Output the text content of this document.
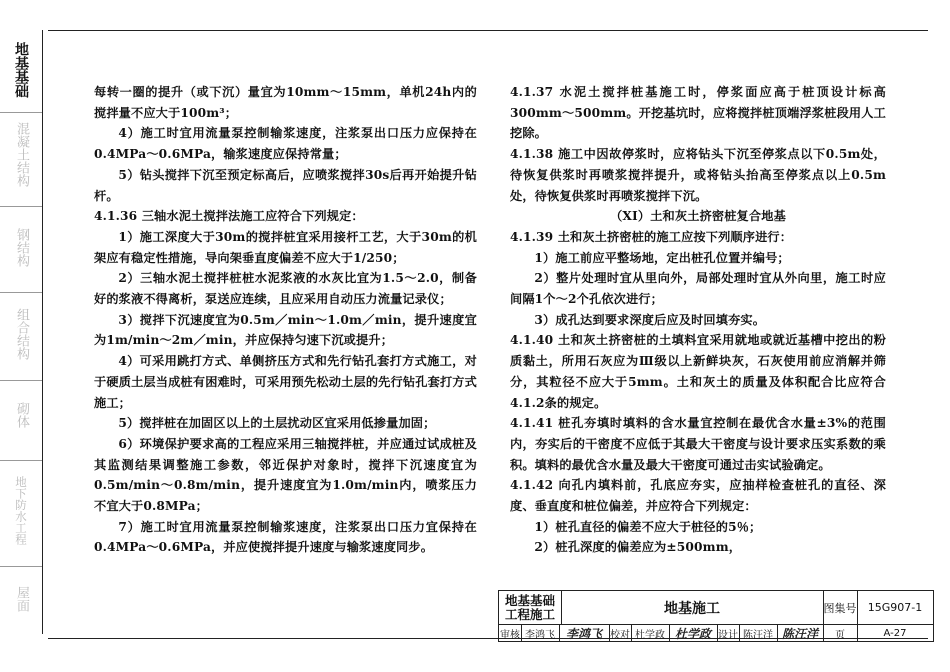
地基基础
混凝土结构
钢结构
组合结构
砌体
地下防水工程
屋面

每转一圈的提升（或下沉）量宜为10mm～15mm，单机24h内的搅拌量不应大于100m³；

4）施工时宜用流量泵控制输浆速度，注浆泵出口压力应保持在0.4MPa～0.6MPa，输浆速度应保持常量；

5）钻头搅拌下沉至预定标高后，应喷浆搅拌30s后再开始提升钻杆。

4.1.36 三轴水泥土搅拌法施工应符合下列规定：

1）施工深度大于30m的搅拌桩宜采用接杆工艺，大于30m的机架应有稳定性措施，导向架垂直度偏差不应大于1/250；

2）三轴水泥土搅拌桩桩水泥浆液的水灰比宜为1.5～2.0，制备好的浆液不得离析，泵送应连续，且应采用自动压力流量记录仪；

3）搅拌下沉速度宜为0.5m／min～1.0m／min，提升速度宜为1m/min～2m／min，并应保持匀速下沉或提升；

4）可采用跳打方式、单侧挤压方式和先行钻孔套打方式施工，对于硬质土层当成桩有困难时，可采用预先松动土层的先行钻孔套打方式施工；

5）搅拌桩在加固区以上的土层扰动区宜采用低掺量加固；

6）环境保护要求高的工程应采用三轴搅拌桩，并应通过试成桩及其监测结果调整施工参数，邻近保护对象时，搅拌下沉速度宜为0.5m/min～0.8m/min，提升速度宜为1.0m/min内，喷浆压力不宜大于0.8MPa；

7）施工时宜用流量泵控制输浆速度，注浆泵出口压力宜保持在0.4MPa～0.6MPa，并应使搅拌提升速度与输浆速度同步。

4.1.37 水泥土搅拌桩基施工时，停浆面应高于桩顶设计标高300mm～500mm。开挖基坑时，应将搅拌桩顶端浮浆桩段用人工挖除。

4.1.38 施工中因故停浆时，应将钻头下沉至停浆点以下0.5m处，待恢复供浆时再喷浆搅拌提升，或将钻头抬高至停浆点以上0.5m处，待恢复供浆时再喷浆搅拌下沉。

（XI）土和灰土挤密桩复合地基

4.1.39 土和灰土挤密桩的施工应按下列顺序进行：

1）施工前应平整场地，定出桩孔位置并编号；

2）整片处理时宜从里向外，局部处理时宜从外向里，施工时应间隔1个～2个孔依次进行；

3）成孔达到要求深度后应及时回填夯实。

4.1.40 土和灰土挤密桩的土填料宜采用就地或就近基槽中挖出的粉质黏土，所用石灰应为Ⅲ级以上新鲜块灰，石灰使用前应消解并筛分，其粒径不应大于5mm。土和灰土的质量及体积配合比应符合4.1.2条的规定。

4.1.41 桩孔夯填时填料的含水量宜控制在最优含水量±3%的范围内，夯实后的干密度不应低于其最大干密度与设计要求压实系数的乘积。填料的最优含水量及最大干密度可通过击实试验确定。

4.1.42 向孔内填料前，孔底应夯实，应抽样检查桩孔的直径、深度、垂直度和桩位偏差，并应符合下列规定：

1）桩孔直径的偏差不应大于桩径的5％；

2）桩孔深度的偏差应为±500mm，

地基基础
工程施工	地基施工	图集号	15G907-1
审核 李鸿飞 李鸿飞 校对 杜学政 杜学政 设计 陈汪洋 陈汪洋	页	A-27
